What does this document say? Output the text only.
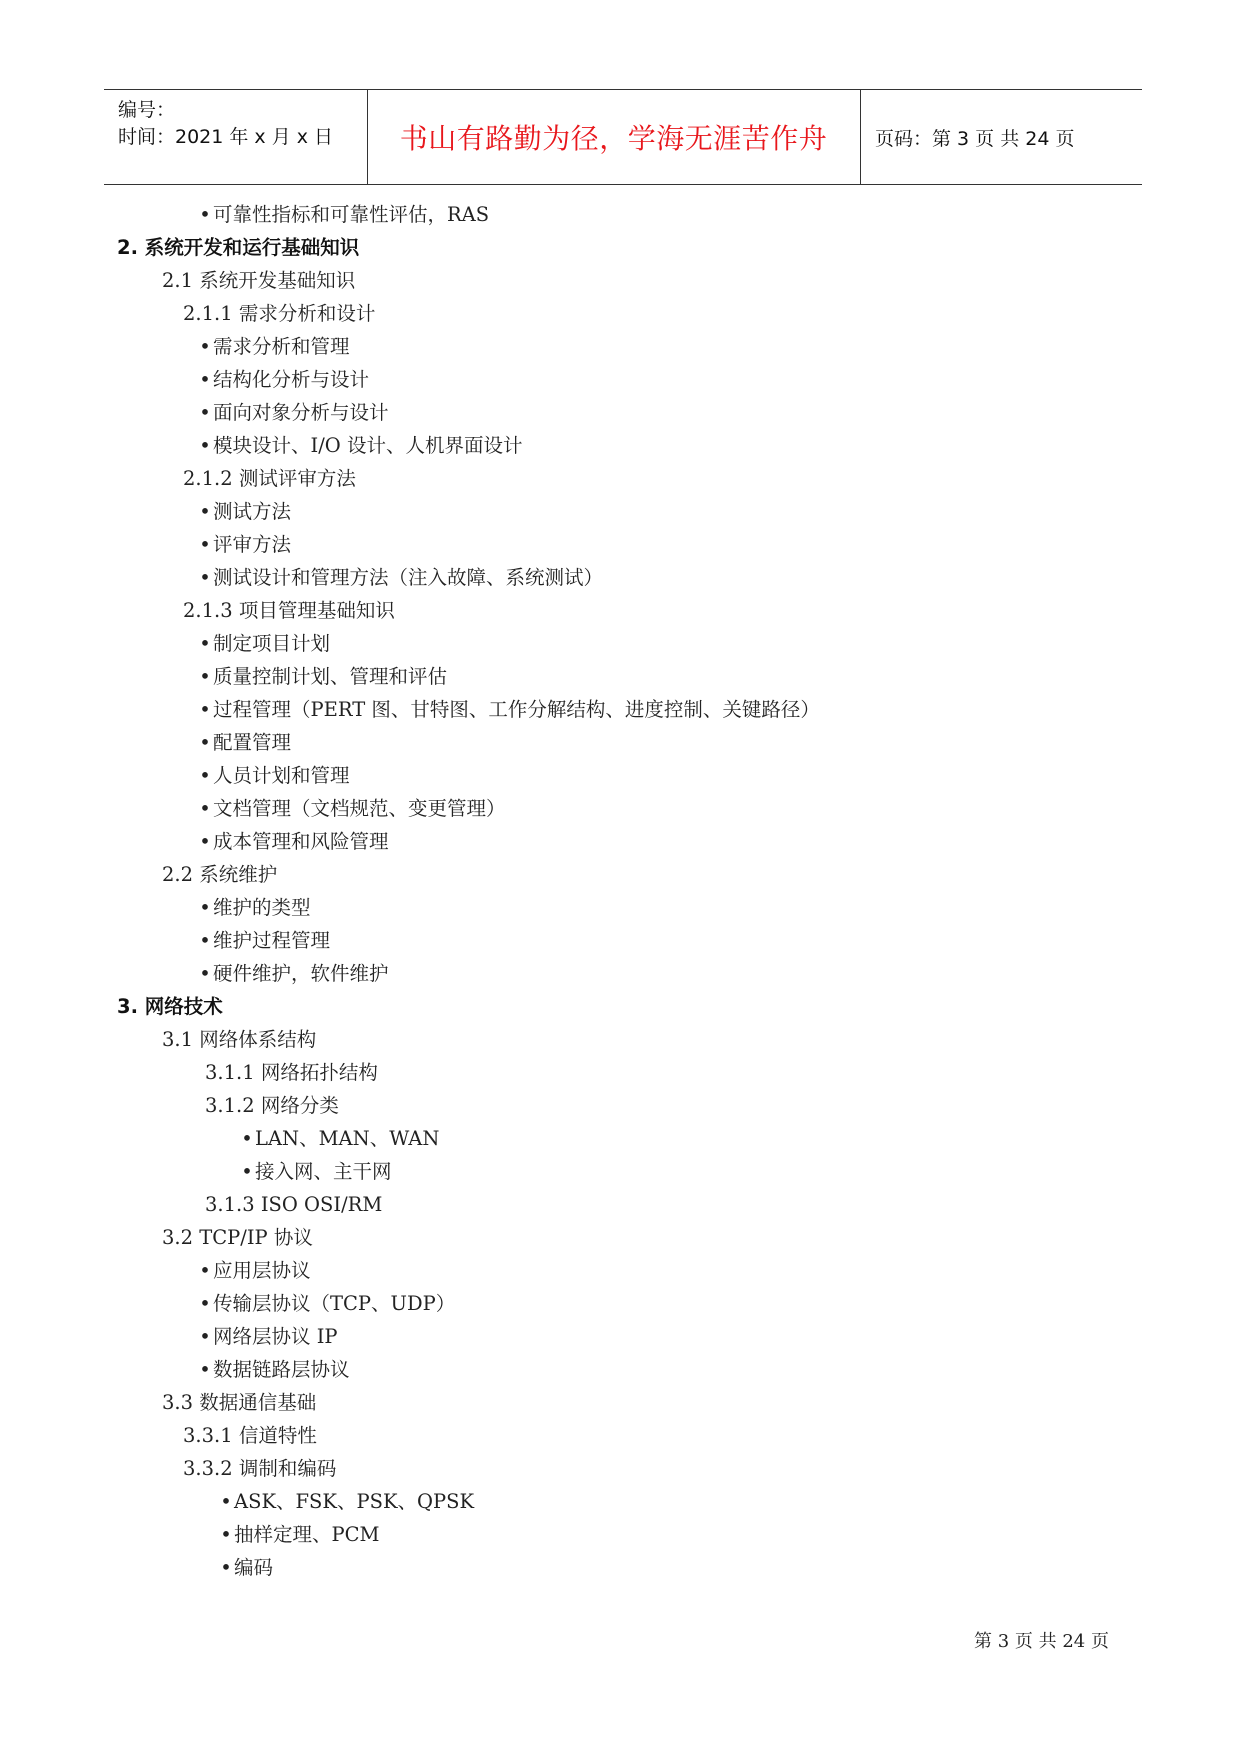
编号：
时间：2021 年 x 月 x 日 书山有路勤为径，学海无涯苦作舟	页码：第 3 页 共 24 页
• 可靠性指标和可靠性评估，RAS
2. 系统开发和运行基础知识
2.1 系统开发基础知识
2.1.1 需求分析和设计
• 需求分析和管理
• 结构化分析与设计
• 面向对象分析与设计
• 模块设计、I/O 设计、人机界面设计
2.1.2 测试评审方法
• 测试方法
• 评审方法
• 测试设计和管理方法（注入故障、系统测试）
2.1.3 项目管理基础知识
• 制定项目计划
• 质量控制计划、管理和评估
• 过程管理（PERT 图、甘特图、工作分解结构、进度控制、关键路径）
• 配置管理
• 人员计划和管理
• 文档管理（文档规范、变更管理）
• 成本管理和风险管理
2.2 系统维护
• 维护的类型
• 维护过程管理
• 硬件维护，软件维护
3. 网络技术
3.1 网络体系结构
3.1.1 网络拓扑结构
3.1.2 网络分类
• LAN、MAN、WAN
• 接入网、主干网
3.1.3 ISO OSI/RM
3.2 TCP/IP 协议
• 应用层协议
• 传输层协议（TCP、UDP）
• 网络层协议 IP
• 数据链路层协议
3.3 数据通信基础
3.3.1 信道特性
3.3.2 调制和编码
• ASK、FSK、PSK、QPSK
• 抽样定理、PCM
• 编码
第 3 页 共 24 页
